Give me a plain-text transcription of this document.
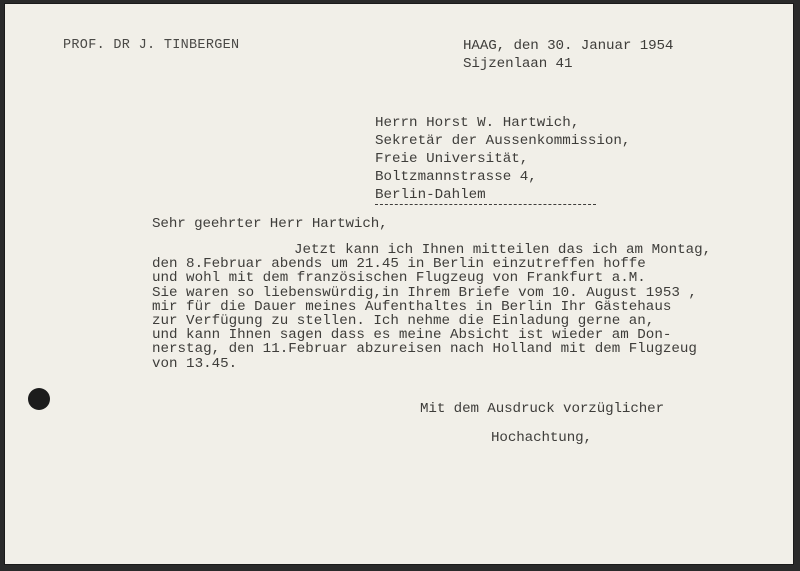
PROF. DR J. TINBERGEN	HAAG, den 30. Januar 1954
Sijzenlaan 41
Herrn Horst W. Hartwich,
Sekretär der Aussenkommission,
Freie Universität,
Boltzmannstrasse 4,
Berlin-Dahlem
Sehr geehrter Herr Hartwich,
Jetzt kann ich Ihnen mitteilen das ich am Montag,
den 8.Februar abends um 21.45 in Berlin einzutreffen hoffe
und wohl mit dem französischen Flugzeug von Frankfurt a.M.
Sie waren so liebenswürdig,in Ihrem Briefe vom 10. August 1953 ,
mir für die Dauer meines Aufenthaltes in Berlin Ihr Gästehaus
zur Verfügung zu stellen. Ich nehme die Einladung gerne an,
und kann Ihnen sagen dass es meine Absicht ist wieder am Don-
nerstag, den 11.Februar abzureisen nach Holland mit dem Flugzeug
von 13.45.
Mit dem Ausdruck vorzüglicher
Hochachtung,
